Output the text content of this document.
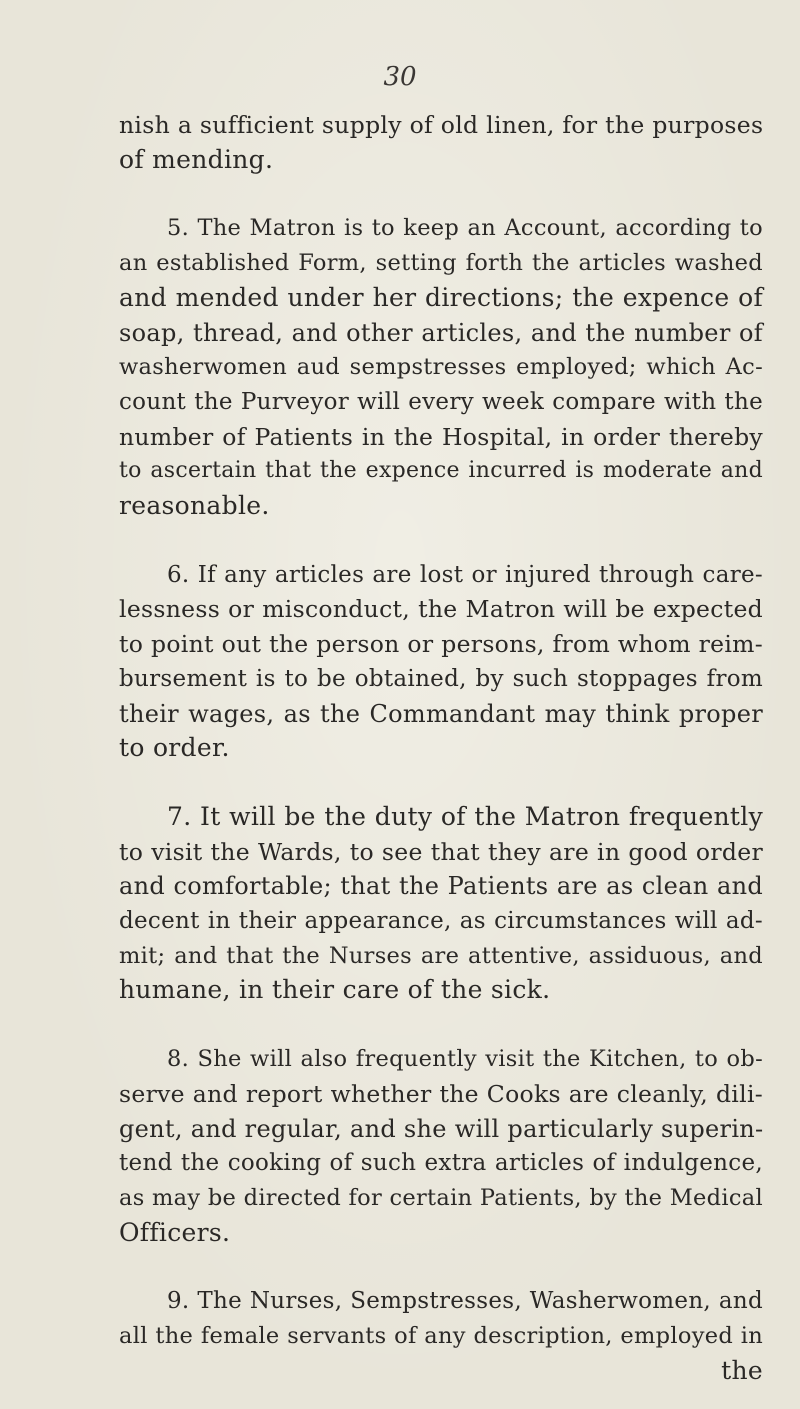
30
nish a sufficient supply of old linen, for the purposes
of mending.
5. The Matron is to keep an Account, according to
an established Form, setting forth the articles washed
and mended under her directions; the expence of
soap, thread, and other articles, and the number of
washerwomen aud sempstresses employed; which Ac-
count the Purveyor will every week compare with the
number of Patients in the Hospital, in order thereby
to ascertain that the expence incurred is moderate and
reasonable.
6. If any articles are lost or injured through care-
lessness or misconduct, the Matron will be expected
to point out the person or persons, from whom reim-
bursement is to be obtained, by such stoppages from
their wages, as the Commandant may think proper
to order.
7. It will be the duty of the Matron frequently
to visit the Wards, to see that they are in good order
and comfortable; that the Patients are as clean and
decent in their appearance, as circumstances will ad-
mit; and that the Nurses are attentive, assiduous, and
humane, in their care of the sick.
8. She will also frequently visit the Kitchen, to ob-
serve and report whether the Cooks are cleanly, dili-
gent, and regular, and she will particularly superin-
tend the cooking of such extra articles of indulgence,
as may be directed for certain Patients, by the Medical
Officers.
9. The Nurses, Sempstresses, Washerwomen, and
all the female servants of any description, employed in
the
